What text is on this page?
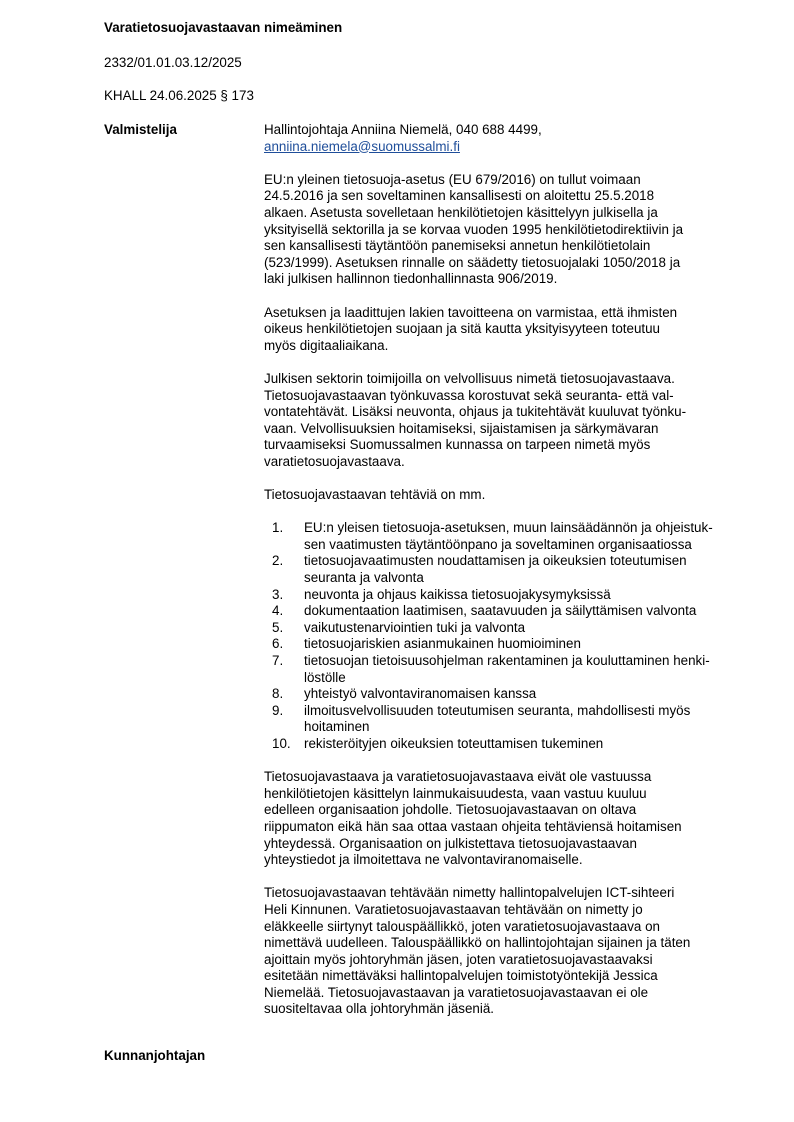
Varatietosuojavastaavan nimeäminen
2332/01.01.03.12/2025
KHALL 24.06.2025 § 173
Valmistelija	Hallintojohtaja Anniina Niemelä, 040 688 4499,
anniina.niemela@suomussalmi.fi

EU:n yleinen tietosuoja-asetus (EU 679/2016) on tullut voimaan
24.5.2016 ja sen soveltaminen kansallisesti on aloitettu 25.5.2018
alkaen. Asetusta sovelletaan henkilötietojen käsittelyyn julkisella ja
yksityisellä sektorilla ja se korvaa vuoden 1995 henkilötietodirektiivin ja
sen kansallisesti täytäntöön panemiseksi annetun henkilötietolain
(523/1999). Asetuksen rinnalle on säädetty tietosuojalaki 1050/2018 ja
laki julkisen hallinnon tiedonhallinnasta 906/2019.

Asetuksen ja laadittujen lakien tavoitteena on varmistaa, että ihmisten
oikeus henkilötietojen suojaan ja sitä kautta yksityisyyteen toteutuu
myös digitaaliaikana.

Julkisen sektorin toimijoilla on velvollisuus nimetä tietosuojavastaava.
Tietosuojavastaavan työnkuvassa korostuvat sekä seuranta- että val-
vontatehtävät. Lisäksi neuvonta, ohjaus ja tukitehtävät kuuluvat työnku-
vaan. Velvollisuuksien hoitamiseksi, sijaistamisen ja särkymävaran
turvaamiseksi Suomussalmen kunnassa on tarpeen nimetä myös
varatietosuojavastaava.

Tietosuojavastaavan tehtäviä on mm.

1. EU:n yleisen tietosuoja-asetuksen, muun lainsäädännön ja ohjeistuk-
sen vaatimusten täytäntöönpano ja soveltaminen organisaatiossa
2. tietosuojavaatimusten noudattamisen ja oikeuksien toteutumisen
seuranta ja valvonta
3. neuvonta ja ohjaus kaikissa tietosuojakysymyksissä
4. dokumentaation laatimisen, saatavuuden ja säilyttämisen valvonta
5. vaikutustenarviointien tuki ja valvonta
6. tietosuojariskien asianmukainen huomioiminen
7. tietosuojan tietoisuusohjelman rakentaminen ja kouluttaminen henki-
löstölle
8. yhteistyö valvontaviranomaisen kanssa
9. ilmoitusvelvollisuuden toteutumisen seuranta, mahdollisesti myös
hoitaminen
10. rekisteröityjen oikeuksien toteuttamisen tukeminen

Tietosuojavastaava ja varatietosuojavastaava eivät ole vastuussa
henkilötietojen käsittelyn lainmukaisuudesta, vaan vastuu kuuluu
edelleen organisaation johdolle. Tietosuojavastaavan on oltava
riippumaton eikä hän saa ottaa vastaan ohjeita tehtäviensä hoitamisen
yhteydessä. Organisaation on julkistettava tietosuojavastaavan
yhteystiedot ja ilmoitettava ne valvontaviranomaiselle.

Tietosuojavastaavan tehtävään nimetty hallintopalvelujen ICT-sihteeri
Heli Kinnunen. Varatietosuojavastaavan tehtävään on nimetty jo
eläkkeelle siirtynyt talouspäällikkö, joten varatietosuojavastaava on
nimettävä uudelleen. Talouspäällikkö on hallintojohtajan sijainen ja täten
ajoittain myös johtoryhmän jäsen, joten varatietosuojavastaavaksi
esitetään nimettäväksi hallintopalvelujen toimistotyöntekijä Jessica
Niemelää. Tietosuojavastaavan ja varatietosuojavastaavan ei ole
suositeltavaa olla johtoryhmän jäseniä.

Kunnanjohtajan
